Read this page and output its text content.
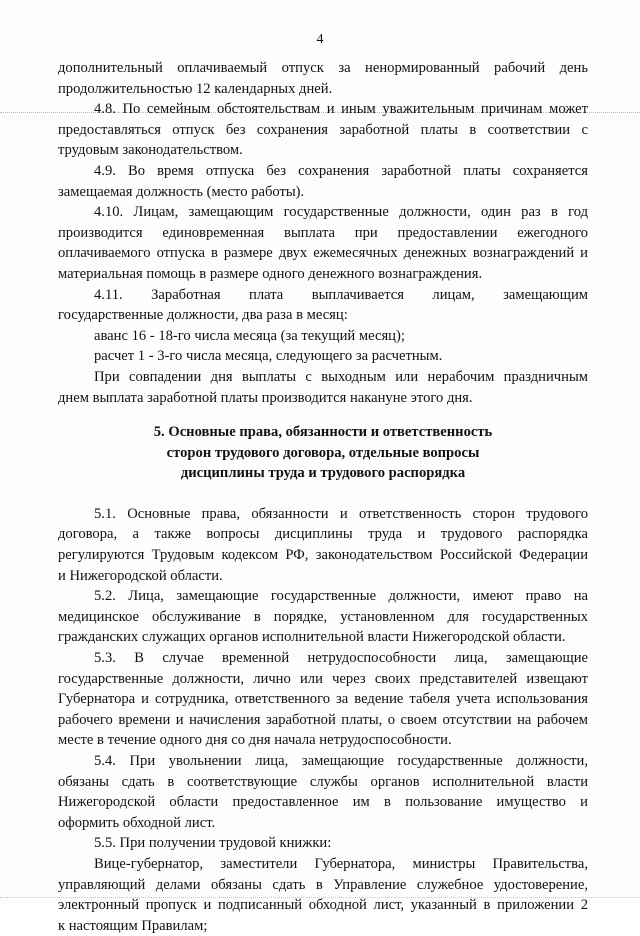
4

дополнительный оплачиваемый отпуск за ненормированный рабочий день

продолжительностью 12 календарных дней.

4.8. По семейным обстоятельствам и иным уважительным причинам может

предоставляться отпуск без сохранения заработной платы в соответствии с

трудовым законодательством.

4.9. Во время отпуска без сохранения заработной платы сохраняется

замещаемая должность (место работы).

4.10. Лицам, замещающим государственные должности, один раз в год

производится единовременная выплата при предоставлении ежегодного

оплачиваемого отпуска в размере двух ежемесячных денежных вознаграждений и

материальная помощь в размере одного денежного вознаграждения.

4.11. Заработная плата выплачивается лицам, замещающим

государственные должности, два раза в месяц:

аванс 16 - 18-го числа месяца (за текущий месяц);

расчет 1 - 3-го числа месяца, следующего за расчетным.

При совпадении дня выплаты с выходным или нерабочим праздничным

днем выплата заработной платы производится накануне этого дня.

5. Основные права, обязанности и ответственность

сторон трудового договора, отдельные вопросы

дисциплины труда и трудового распорядка

5.1. Основные права, обязанности и ответственность сторон трудового

договора, а также вопросы дисциплины труда и трудового распорядка

регулируются Трудовым кодексом РФ, законодательством Российской Федерации

и Нижегородской области.

5.2. Лица, замещающие государственные должности, имеют право на

медицинское обслуживание в порядке, установленном для государственных

гражданских служащих органов исполнительной власти Нижегородской области.

5.3. В случае временной нетрудоспособности лица, замещающие

государственные должности, лично или через своих представителей извещают

Губернатора и сотрудника, ответственного за ведение табеля учета использования

рабочего времени и начисления заработной платы, о своем отсутствии на рабочем

месте в течение одного дня со дня начала нетрудоспособности.

5.4. При увольнении лица, замещающие государственные должности,

обязаны сдать в соответствующие службы органов исполнительной власти

Нижегородской области предоставленное им в пользование имущество и

оформить обходной лист.

5.5. При получении трудовой книжки:

Вице-губернатор, заместители Губернатора, министры Правительства,

управляющий делами обязаны сдать в Управление служебное удостоверение,

электронный пропуск и подписанный обходной лист, указанный в приложении 2

к настоящим Правилам;
